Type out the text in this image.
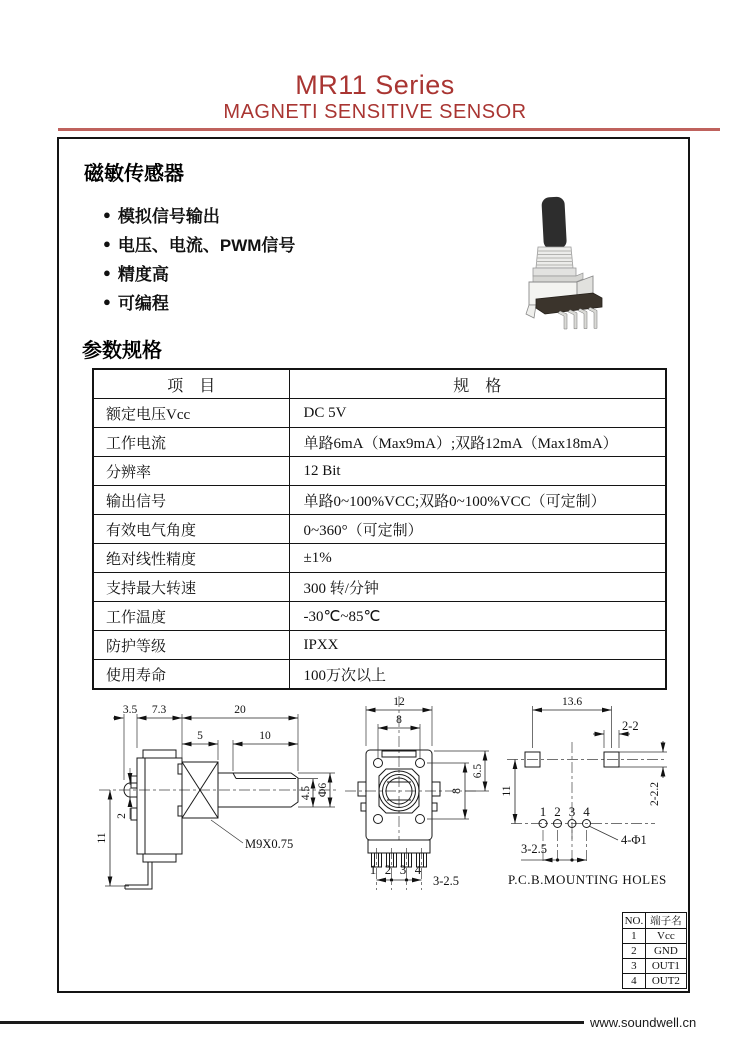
MR11 Series
MAGNETI SENSITIVE SENSOR
磁敏传感器
● 模拟信号输出
● 电压、电流、PWM信号
● 精度高
● 可编程
参数规格
项　目	规　格
额定电压Vcc	DC 5V
工作电流	单路6mA（Max9mA）;双路12mA（Max18mA）
分辨率	12 Bit
输出信号	单路0~100%VCC;双路0~100%VCC（可定制）
有效电气角度	0~360°（可定制）
绝对线性精度	±1%
支持最大转速	300 转/分钟
工作温度	-30℃~85℃
防护等级	IPXX
使用寿命	100万次以上
3.5 7.3	20
5	10
4.5 Φ6
11
2
M9X0.75
12
8
6.5
8
1 2 3 4
3-2.5
13.6
2-2
11	2-2.2
1 2 3 4
3-2.5
4-Φ1
P.C.B.MOUNTING HOLES
NO.	端子名
1	Vcc
2	GND
3	OUT1
4	OUT2
www.soundwell.cn
